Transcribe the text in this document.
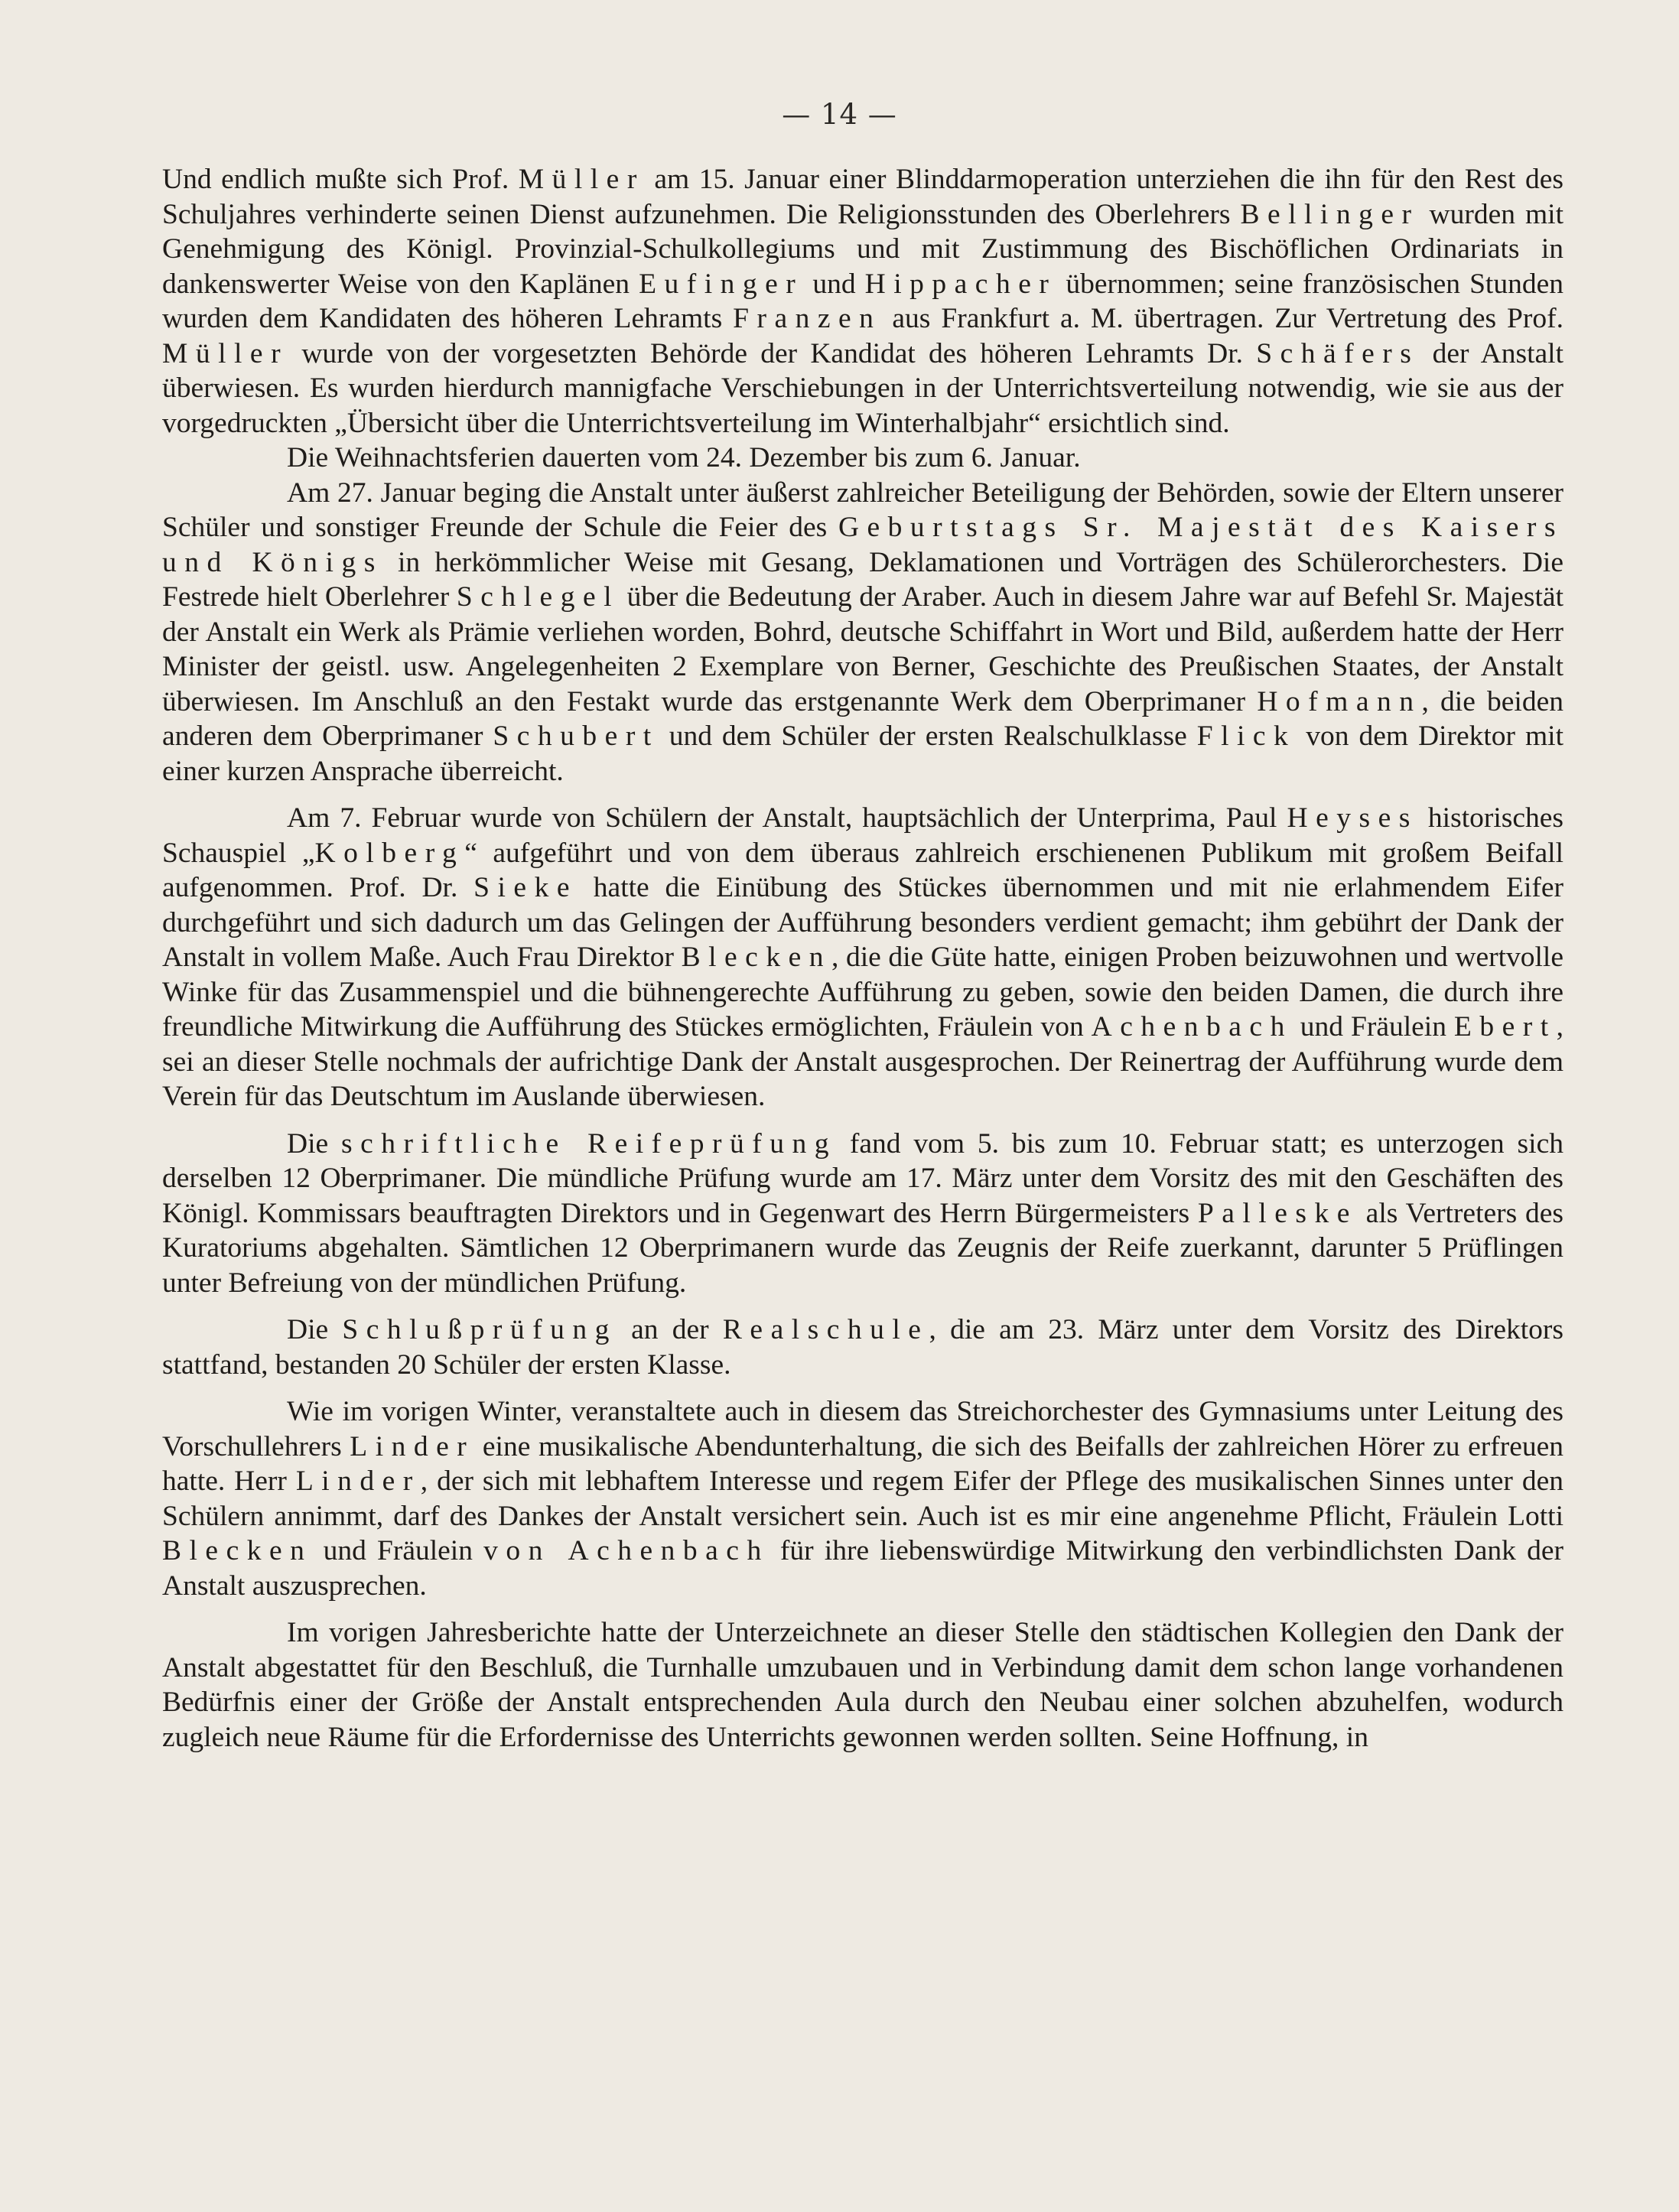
— 14 —

Und endlich mußte sich Prof. Müller am 15. Januar einer Blinddarmoperation unterziehen die ihn für den Rest des Schuljahres verhinderte seinen Dienst aufzunehmen. Die Religionsstunden des Oberlehrers Bellinger wurden mit Genehmigung des Königl. Provinzial-Schulkollegiums und mit Zustimmung des Bischöflichen Ordinariats in dankenswerter Weise von den Kaplänen Eufinger und Hippacher übernommen; seine französischen Stunden wurden dem Kandidaten des höheren Lehramts Franzen aus Frankfurt a. M. übertragen. Zur Vertretung des Prof. Müller wurde von der vorgesetzten Behörde der Kandidat des höheren Lehramts Dr. Schäfers der Anstalt überwiesen. Es wurden hierdurch mannigfache Verschiebungen in der Unterrichtsverteilung notwendig, wie sie aus der vorgedruckten „Übersicht über die Unterrichtsverteilung im Winterhalbjahr“ ersichtlich sind.

Die Weihnachtsferien dauerten vom 24. Dezember bis zum 6. Januar.

Am 27. Januar beging die Anstalt unter äußerst zahlreicher Beteiligung der Behörden, sowie der Eltern unserer Schüler und sonstiger Freunde der Schule die Feier des Geburtstags Sr. Majestät des Kaisers und Königs in herkömmlicher Weise mit Gesang, Deklamationen und Vorträgen des Schülerorchesters. Die Festrede hielt Oberlehrer Schlegel über die Bedeutung der Araber. Auch in diesem Jahre war auf Befehl Sr. Majestät der Anstalt ein Werk als Prämie verliehen worden, Bohrd, deutsche Schiffahrt in Wort und Bild, außerdem hatte der Herr Minister der geistl. usw. Angelegenheiten 2 Exemplare von Berner, Geschichte des Preußischen Staates, der Anstalt überwiesen. Im Anschluß an den Festakt wurde das erstgenannte Werk dem Oberprimaner Hofmann, die beiden anderen dem Oberprimaner Schubert und dem Schüler der ersten Realschulklasse Flick von dem Direktor mit einer kurzen Ansprache überreicht.

Am 7. Februar wurde von Schülern der Anstalt, hauptsächlich der Unterprima, Paul Heyses historisches Schauspiel „Kolberg“ aufgeführt und von dem überaus zahlreich erschienenen Publikum mit großem Beifall aufgenommen. Prof. Dr. Sieke hatte die Einübung des Stückes übernommen und mit nie erlahmendem Eifer durchgeführt und sich dadurch um das Gelingen der Aufführung besonders verdient gemacht; ihm gebührt der Dank der Anstalt in vollem Maße. Auch Frau Direktor Blecken, die die Güte hatte, einigen Proben beizuwohnen und wertvolle Winke für das Zusammenspiel und die bühnengerechte Aufführung zu geben, sowie den beiden Damen, die durch ihre freundliche Mitwirkung die Aufführung des Stückes ermöglichten, Fräulein von Achenbach und Fräulein Ebert, sei an dieser Stelle nochmals der aufrichtige Dank der Anstalt ausgesprochen. Der Reinertrag der Aufführung wurde dem Verein für das Deutschtum im Auslande überwiesen.

Die schriftliche Reifeprüfung fand vom 5. bis zum 10. Februar statt; es unterzogen sich derselben 12 Oberprimaner. Die mündliche Prüfung wurde am 17. März unter dem Vorsitz des mit den Geschäften des Königl. Kommissars beauftragten Direktors und in Gegenwart des Herrn Bürgermeisters Palleske als Vertreters des Kuratoriums abgehalten. Sämtlichen 12 Oberprimanern wurde das Zeugnis der Reife zuerkannt, darunter 5 Prüflingen unter Befreiung von der mündlichen Prüfung.

Die Schlußprüfung an der Realschule, die am 23. März unter dem Vorsitz des Direktors stattfand, bestanden 20 Schüler der ersten Klasse.

Wie im vorigen Winter, veranstaltete auch in diesem das Streichorchester des Gymnasiums unter Leitung des Vorschullehrers Linder eine musikalische Abendunterhaltung, die sich des Beifalls der zahlreichen Hörer zu erfreuen hatte. Herr Linder, der sich mit lebhaftem Interesse und regem Eifer der Pflege des musikalischen Sinnes unter den Schülern annimmt, darf des Dankes der Anstalt versichert sein. Auch ist es mir eine angenehme Pflicht, Fräulein Lotti Blecken und Fräulein von Achenbach für ihre liebenswürdige Mitwirkung den verbindlichsten Dank der Anstalt auszusprechen.

Im vorigen Jahresberichte hatte der Unterzeichnete an dieser Stelle den städtischen Kollegien den Dank der Anstalt abgestattet für den Beschluß, die Turnhalle umzubauen und in Verbindung damit dem schon lange vorhandenen Bedürfnis einer der Größe der Anstalt entsprechenden Aula durch den Neubau einer solchen abzuhelfen, wodurch zugleich neue Räume für die Erfordernisse des Unterrichts gewonnen werden sollten. Seine Hoffnung, in
